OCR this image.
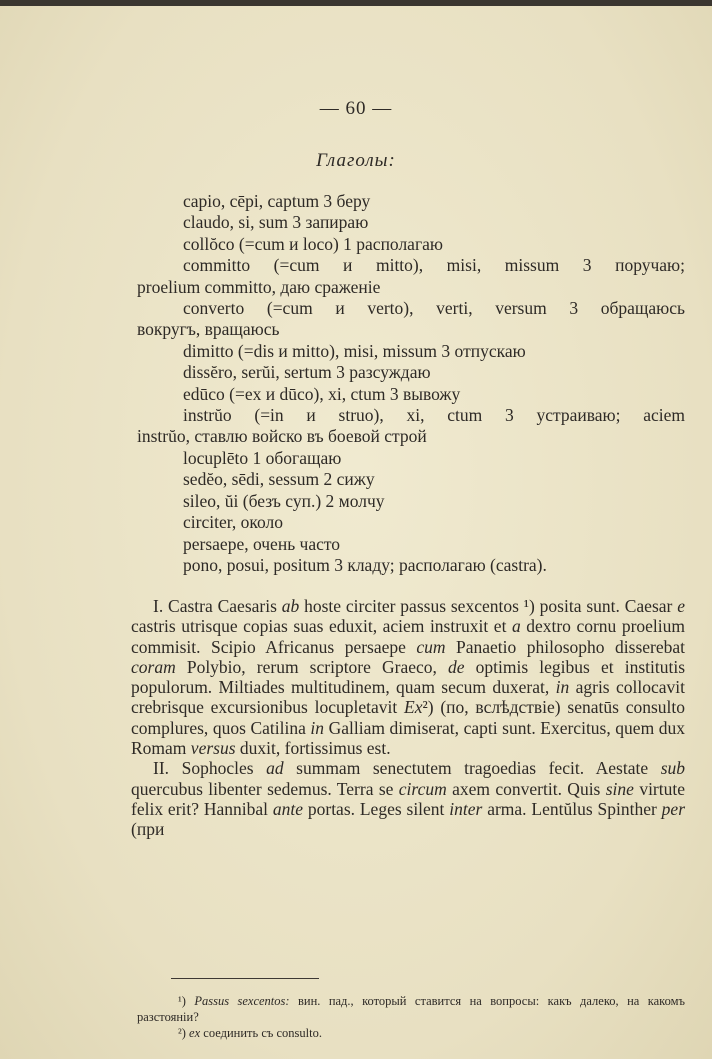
— 60 —
Глаголы:

capio, cēpi, captum 3 беру

claudo, si, sum 3 запираю

collŏco (=cum и loco) 1 располагаю

committo (=cum и mitto), misi, missum 3 поручаю;

proelium committo, даю сраженіе

converto (=cum и verto), verti, versum 3 обращаюсь

вокругъ, вращаюсь

dimitto (=dis и mitto), misi, missum 3 отпускаю

dissĕro, serŭi, sertum 3 разсуждаю

edūco (=ex и dūco), xi, ctum 3 вывожу

instrŭo (=in и struo), xi, ctum 3 устраиваю; aciem

instrŭo, ставлю войско въ боевой строй

locuplēto 1 обогащаю

sedĕo, sēdi, sessum 2 сижу

sileo, ŭi (безъ суп.) 2 молчу

circiter, около

persaepe, очень часто

pono, posui, positum 3 кладу; располагаю (castra).

I. Castra Caesaris ab hoste circiter passus sexcentos ¹) posita sunt. Caesar e castris utrisque copias suas eduxit, aciem instruxit et a dextro cornu proelium commisit. Scipio Africanus persaepe cum Panaetio philosopho disserebat coram Polybio, rerum scriptore Graeco, de optimis legibus et institutis populorum. Miltiades multitudinem, quam secum duxerat, in agris collocavit crebrisque excursionibus locupletavit Ex²) (по, вслѣдствіе) senatūs consulto complures, quos Catilina in Galliam dimiserat, capti sunt. Exercitus, quem dux Romam versus duxit, fortissimus est.

II. Sophocles ad summam senectutem tragoedias fecit. Aestate sub quercubus libenter sedemus. Terra se circum axem convertit. Quis sine virtute felix erit? Hannibal ante portas. Leges silent inter arma. Lentŭlus Spinther per (при

¹) Passus sexcentos: вин. пад., который ставится на вопросы: какъ далеко, на какомъ разстояніи?

²) ex соединить съ consulto.
